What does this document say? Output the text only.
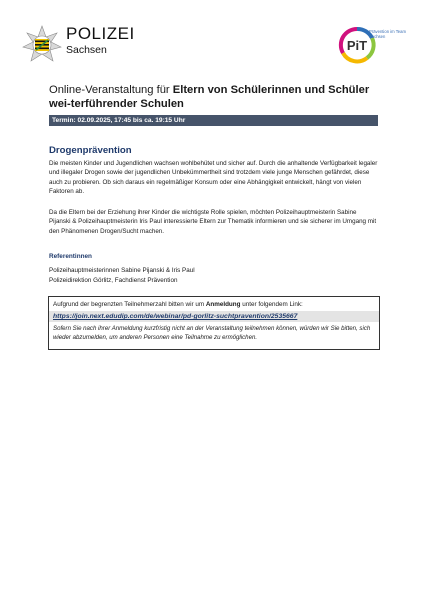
POLIZEI
Sachsen	PiT
Prävention im Team Sachsen
Online-Veranstaltung für Eltern von Schülerinnen und Schüler wei-terführender Schulen
Termin: 02.09.2025, 17:45 bis ca. 19:15 Uhr
Drogenprävention
Die meisten Kinder und Jugendlichen wachsen wohlbehütet und sicher auf. Durch die anhaltende Verfügbarkeit legaler und illegaler Drogen sowie der jugendlichen Unbekümmertheit sind trotzdem viele junge Menschen gefährdet, diese auch zu probieren. Ob sich daraus ein regelmäßiger Konsum oder eine Abhängigkeit entwickelt, hängt von vielen Faktoren ab.
Da die Eltern bei der Erziehung ihrer Kinder die wichtigste Rolle spielen, möchten Polizeihauptmeisterin Sabine Pijanski & Polizeihauptmeisterin Iris Paul interessierte Eltern zur Thematik informieren und sie sicherer im Umgang mit den Phänomenen Drogen/Sucht machen.
Referentinnen
Polizeihauptmeisterinnen Sabine Pijanski & Iris Paul
Polizeidirektion Görlitz, Fachdienst Prävention
Aufgrund der begrenzten Teilnehmerzahl bitten wir um Anmeldung unter folgendem Link:
https://join.next.edudip.com/de/webinar/pd-gorlitz-suchtpravention/2535667
Sofern Sie nach ihrer Anmeldung kurzfristig nicht an der Veranstaltung teilnehmen können, würden wir Sie bitten, sich wieder abzumelden, um anderen Personen eine Teilnahme zu ermöglichen.
